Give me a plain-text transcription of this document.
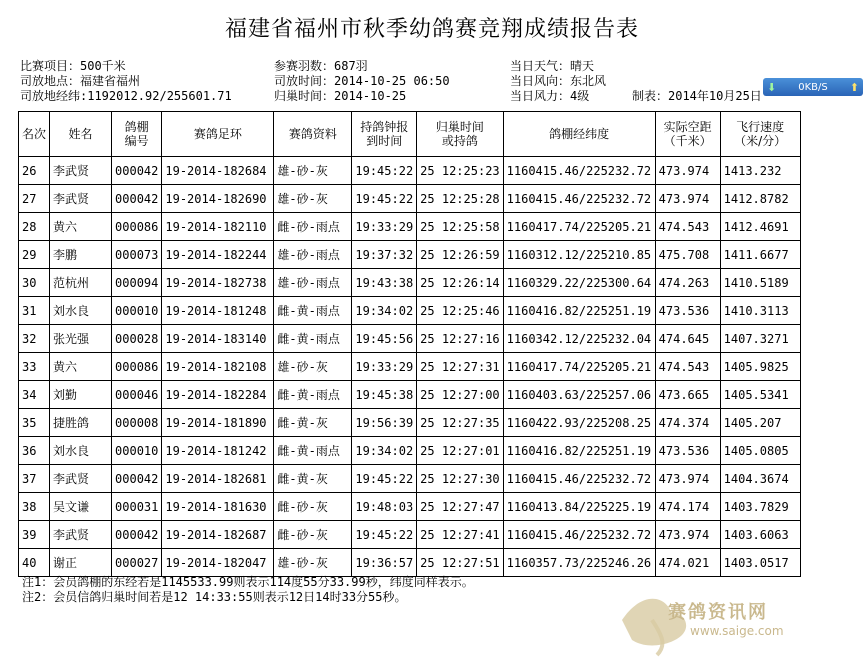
福建省福州市秋季幼鸽赛竞翔成绩报告表
比赛项目：500千米
司放地点：福建省福州
司放地经纬:1192012.92/255601.71
参赛羽数：687羽
司放时间：2014-10-25 06:50
归巢时间：2014-10-25
当日天气：晴天
当日风向：东北风
当日风力：4级	制表：2014年10月25日
⬇ 0KB/S ⬆
名次	姓名	鸽棚编号	赛鸽足环	赛鸽资料	持鸽钟报到时间	归巢时间或持鸽	鸽棚经纬度	实际空距（千米）	飞行速度（米/分）
26	李武贤	000042	19-2014-182684	雄-砂-灰	19:45:22	25 12:25:23	1160415.46/225232.72	473.974	1413.232
27	李武贤	000042	19-2014-182690	雄-砂-灰	19:45:22	25 12:25:28	1160415.46/225232.72	473.974	1412.8782
28	黄六	000086	19-2014-182110	雌-砂-雨点	19:33:29	25 12:25:58	1160417.74/225205.21	474.543	1412.4691
29	李鹏	000073	19-2014-182244	雄-砂-雨点	19:37:32	25 12:26:59	1160312.12/225210.85	475.708	1411.6677
30	范杭州	000094	19-2014-182738	雄-砂-雨点	19:43:38	25 12:26:14	1160329.22/225300.64	474.263	1410.5189
31	刘水良	000010	19-2014-181248	雌-黄-雨点	19:34:02	25 12:25:46	1160416.82/225251.19	473.536	1410.3113
32	张光强	000028	19-2014-183140	雌-黄-雨点	19:45:56	25 12:27:16	1160342.12/225232.04	474.645	1407.3271
33	黄六	000086	19-2014-182108	雄-砂-灰	19:33:29	25 12:27:31	1160417.74/225205.21	474.543	1405.9825
34	刘勤	000046	19-2014-182284	雌-黄-雨点	19:45:38	25 12:27:00	1160403.63/225257.06	473.665	1405.5341
35	捷胜鸽	000008	19-2014-181890	雌-黄-灰	19:56:39	25 12:27:35	1160422.93/225208.25	474.374	1405.207
36	刘水良	000010	19-2014-181242	雌-黄-雨点	19:34:02	25 12:27:01	1160416.82/225251.19	473.536	1405.0805
37	李武贤	000042	19-2014-182681	雌-黄-灰	19:45:22	25 12:27:30	1160415.46/225232.72	473.974	1404.3674
38	吴文谦	000031	19-2014-181630	雌-砂-灰	19:48:03	25 12:27:47	1160413.84/225225.19	474.174	1403.7829
39	李武贤	000042	19-2014-182687	雌-砂-灰	19:45:22	25 12:27:41	1160415.46/225232.72	473.974	1403.6063
40	谢正	000027	19-2014-182047	雄-砂-灰	19:36:57	25 12:27:51	1160357.73/225246.26	474.021	1403.0517
注1：会员鸽棚的东经若是1145533.99则表示114度55分33.99秒，纬度同样表示。
注2：会员信鸽归巢时间若是12 14:33:55则表示12日14时33分55秒。
赛鸽资讯网
www.saige.com
